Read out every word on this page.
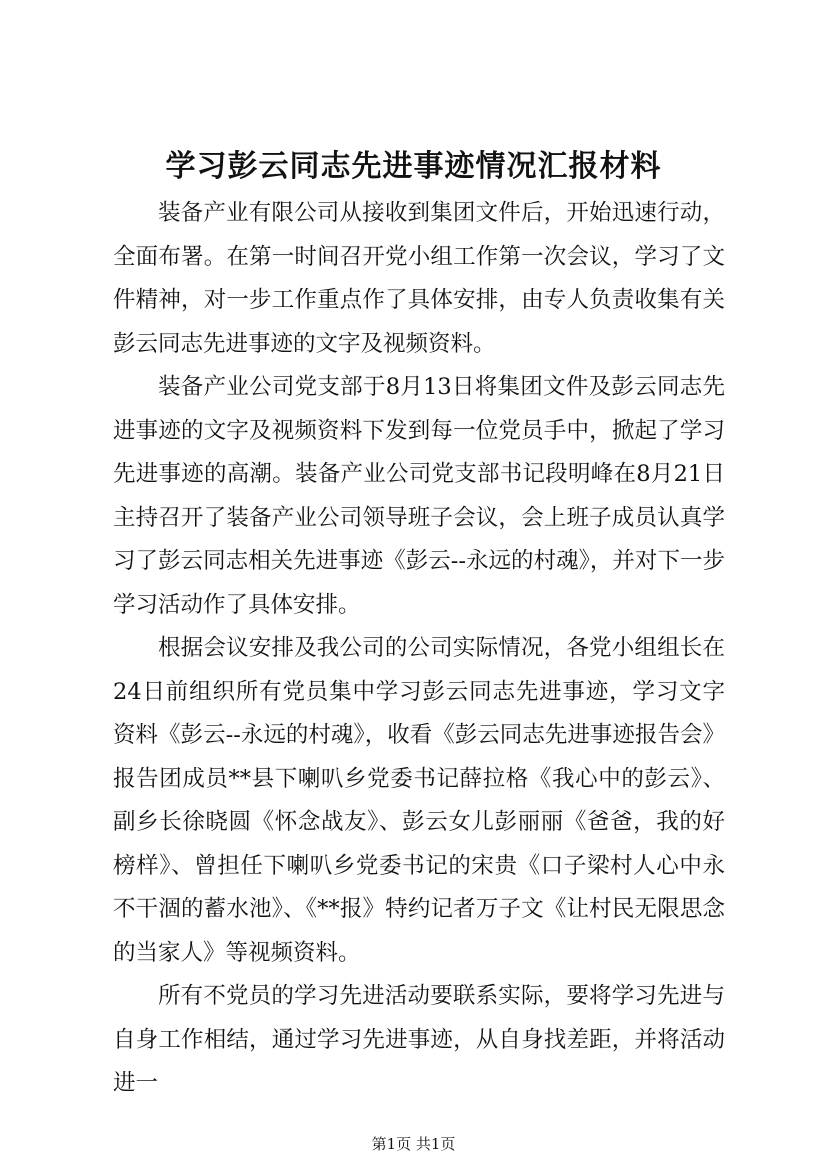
学习彭云同志先进事迹情况汇报材料

装备产业有限公司从接收到集团文件后，开始迅速行动，全面布署。在第一时间召开党小组工作第一次会议，学习了文件精神，对一步工作重点作了具体安排，由专人负责收集有关彭云同志先进事迹的文字及视频资料。

装备产业公司党支部于8月13日将集团文件及彭云同志先进事迹的文字及视频资料下发到每一位党员手中，掀起了学习先进事迹的高潮。装备产业公司党支部书记段明峰在8月21日主持召开了装备产业公司领导班子会议，会上班子成员认真学习了彭云同志相关先进事迹《彭云--永远的村魂》，并对下一步学习活动作了具体安排。

根据会议安排及我公司的公司实际情况，各党小组组长在24日前组织所有党员集中学习彭云同志先进事迹，学习文字资料《彭云--永远的村魂》，收看《彭云同志先进事迹报告会》报告团成员**县下喇叭乡党委书记薛拉格《我心中的彭云》、副乡长徐晓圆《怀念战友》、彭云女儿彭丽丽《爸爸，我的好榜样》、曾担任下喇叭乡党委书记的宋贵《口子梁村人心中永不干涸的蓄水池》、《**报》特约记者万子文《让村民无限思念的当家人》等视频资料。

所有不党员的学习先进活动要联系实际，要将学习先进与自身工作相结，通过学习先进事迹，从自身找差距，并将活动进一

第1页 共1页
